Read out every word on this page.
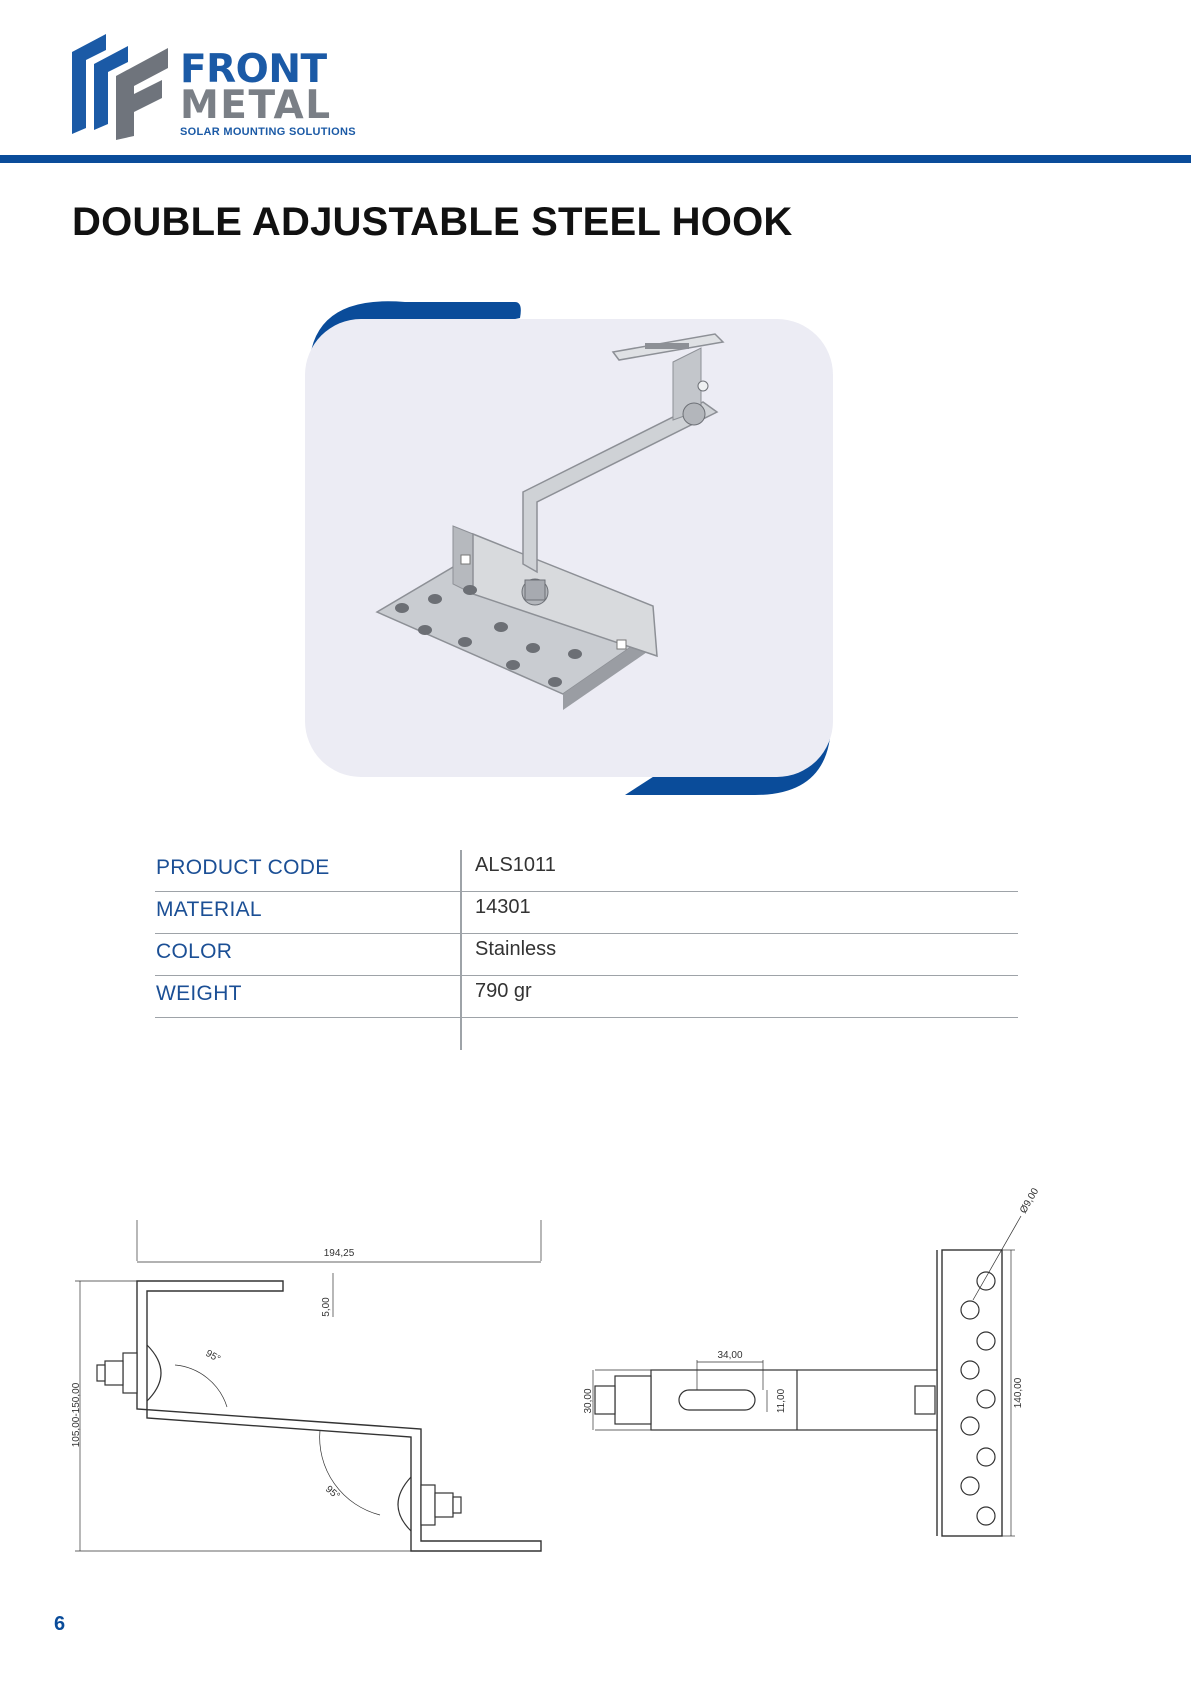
FRONT
METAL
SOLAR MOUNTING SOLUTIONS
DOUBLE ADJUSTABLE STEEL HOOK
PRODUCT CODE	ALS1011
MATERIAL	14301
COLOR	Stainless
WEIGHT	790 gr
194,25
105,00-150,00
5,00
95°
95°
140,00
Ø9,00
30,00
34,00
11,00
6
